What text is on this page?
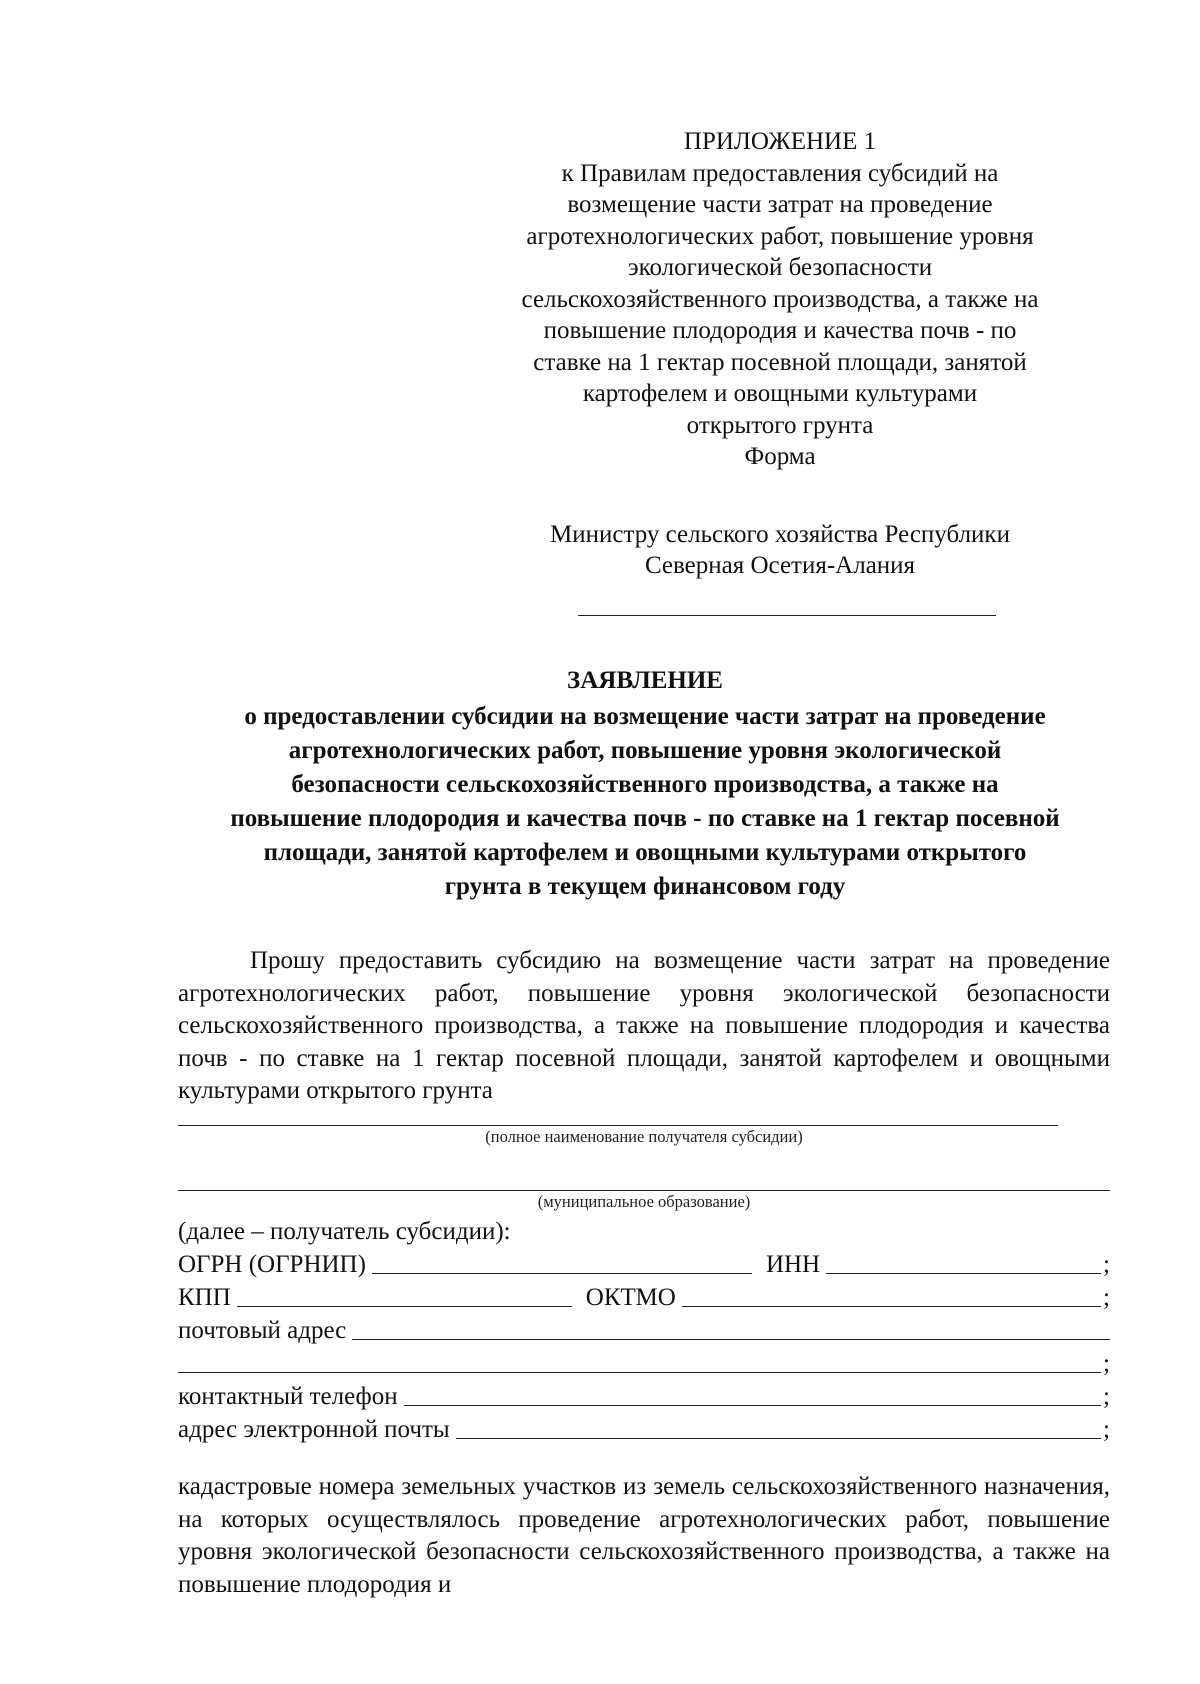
ПРИЛОЖЕНИЕ 1
к Правилам предоставления субсидий на
возмещение части затрат на проведение
агротехнологических работ, повышение уровня
экологической безопасности
сельскохозяйственного производства, а также на
повышение плодородия и качества почв - по
ставке на 1 гектар посевной площади, занятой
картофелем и овощными культурами
открытого грунта
Форма
Министру сельского хозяйства Республики
Северная Осетия-Алания
ЗАЯВЛЕНИЕ
о предоставлении субсидии на возмещение части затрат на проведение
агротехнологических работ, повышение уровня экологической
безопасности сельскохозяйственного производства, а также на
повышение плодородия и качества почв - по ставке на 1 гектар посевной
площади, занятой картофелем и овощными культурами открытого
грунта в текущем финансовом году

Прошу предоставить субсидию на возмещение части затрат на проведение агротехнологических работ, повышение уровня экологической безопасности сельскохозяйственного производства, а также на повышение плодородия и качества почв - по ставке на 1 гектар посевной площади, занятой картофелем и овощными культурами открытого грунта

(полное наименование получателя субсидии)
(муниципальное образование)
(далее – получатель субсидии):
ОГРН (ОГРНИП)	ИНН	;
КПП	ОКТМО	;
почтовый адрес
;
контактный телефон	;
адрес электронной почты	;

кадастровые номера земельных участков из земель сельскохозяйственного назначения, на которых осуществлялось проведение агротехнологических работ, повышение уровня экологической безопасности сельскохозяйственного производства, а также на повышение плодородия и
